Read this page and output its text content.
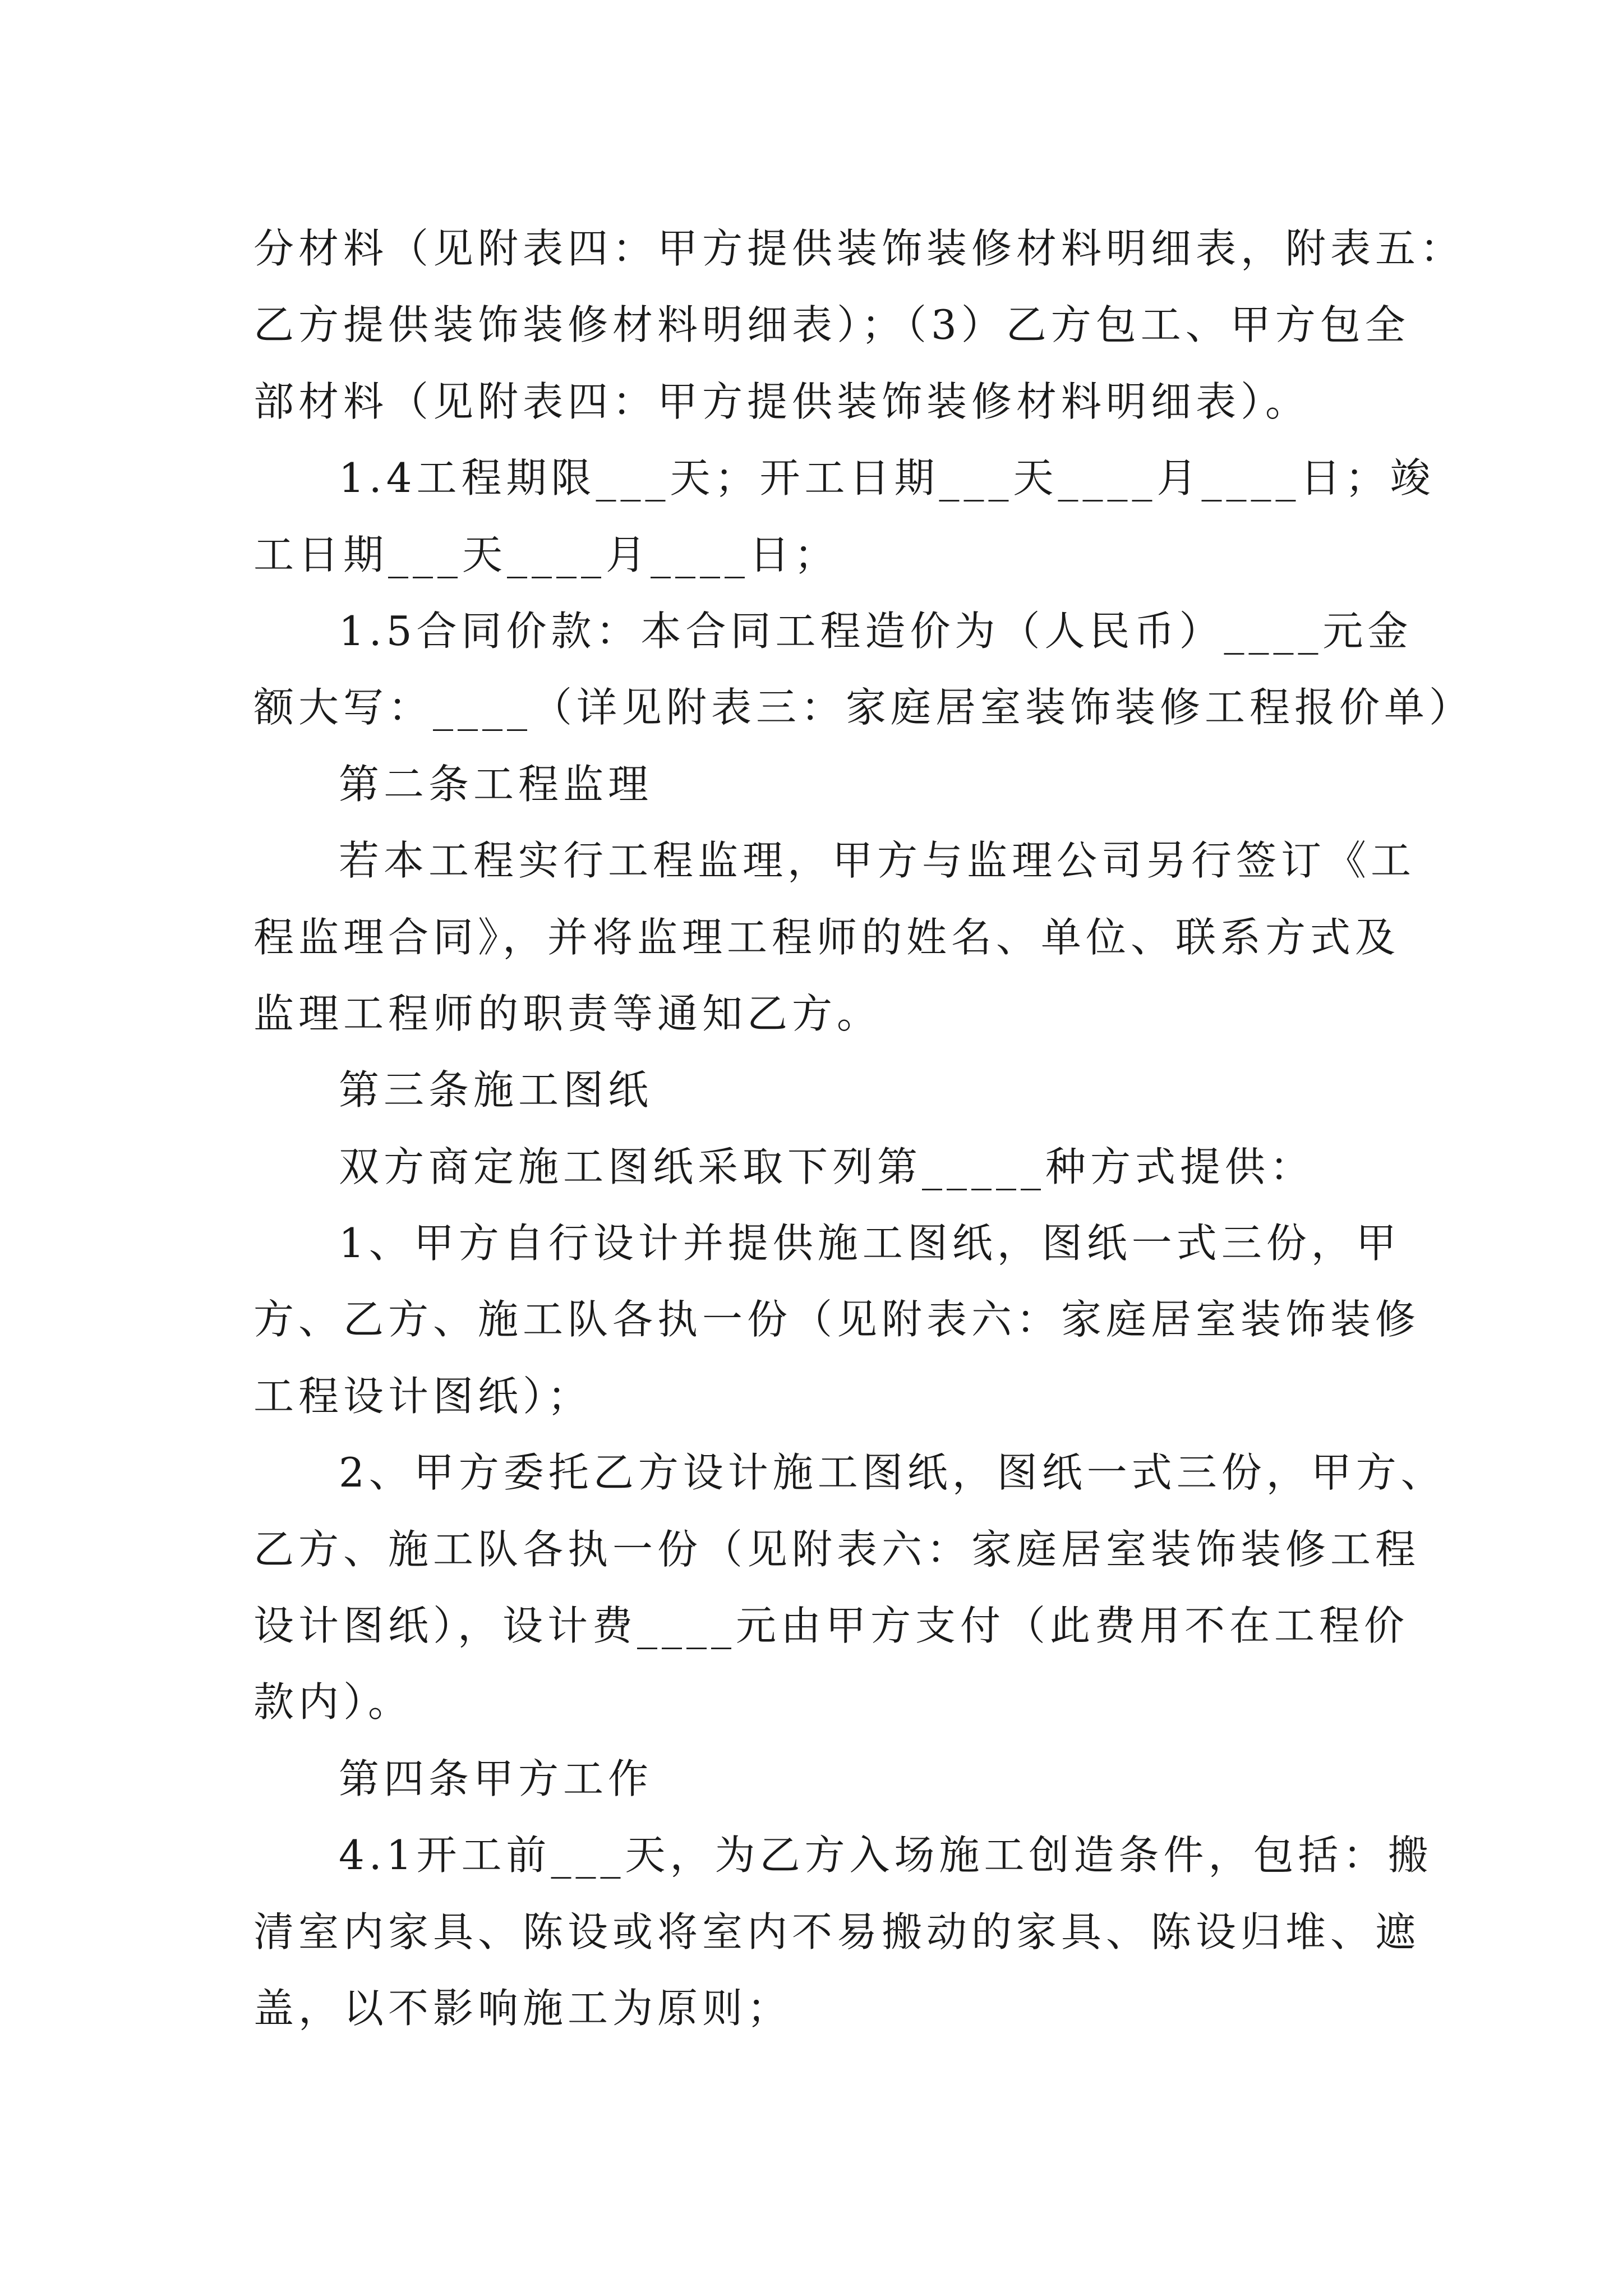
分材料（见附表四：甲方提供装饰装修材料明细表，附表五：
乙方提供装饰装修材料明细表）；（3）乙方包工、甲方包全
部材料（见附表四：甲方提供装饰装修材料明细表）。
1.4工程期限___天；开工日期___天____月____日；竣
工日期___天____月____日；
1.5合同价款：本合同工程造价为（人民币）____元金
额大写：____（详见附表三：家庭居室装饰装修工程报价单）
第二条工程监理
若本工程实行工程监理，甲方与监理公司另行签订《工
程监理合同》，并将监理工程师的姓名、单位、联系方式及
监理工程师的职责等通知乙方。
第三条施工图纸
双方商定施工图纸采取下列第_____种方式提供：
1、甲方自行设计并提供施工图纸，图纸一式三份，甲
方、乙方、施工队各执一份（见附表六：家庭居室装饰装修
工程设计图纸）；
2、甲方委托乙方设计施工图纸，图纸一式三份，甲方、
乙方、施工队各执一份（见附表六：家庭居室装饰装修工程
设计图纸），设计费____元由甲方支付（此费用不在工程价
款内）。
第四条甲方工作
4.1开工前___天，为乙方入场施工创造条件，包括：搬
清室内家具、陈设或将室内不易搬动的家具、陈设归堆、遮
盖，以不影响施工为原则；
